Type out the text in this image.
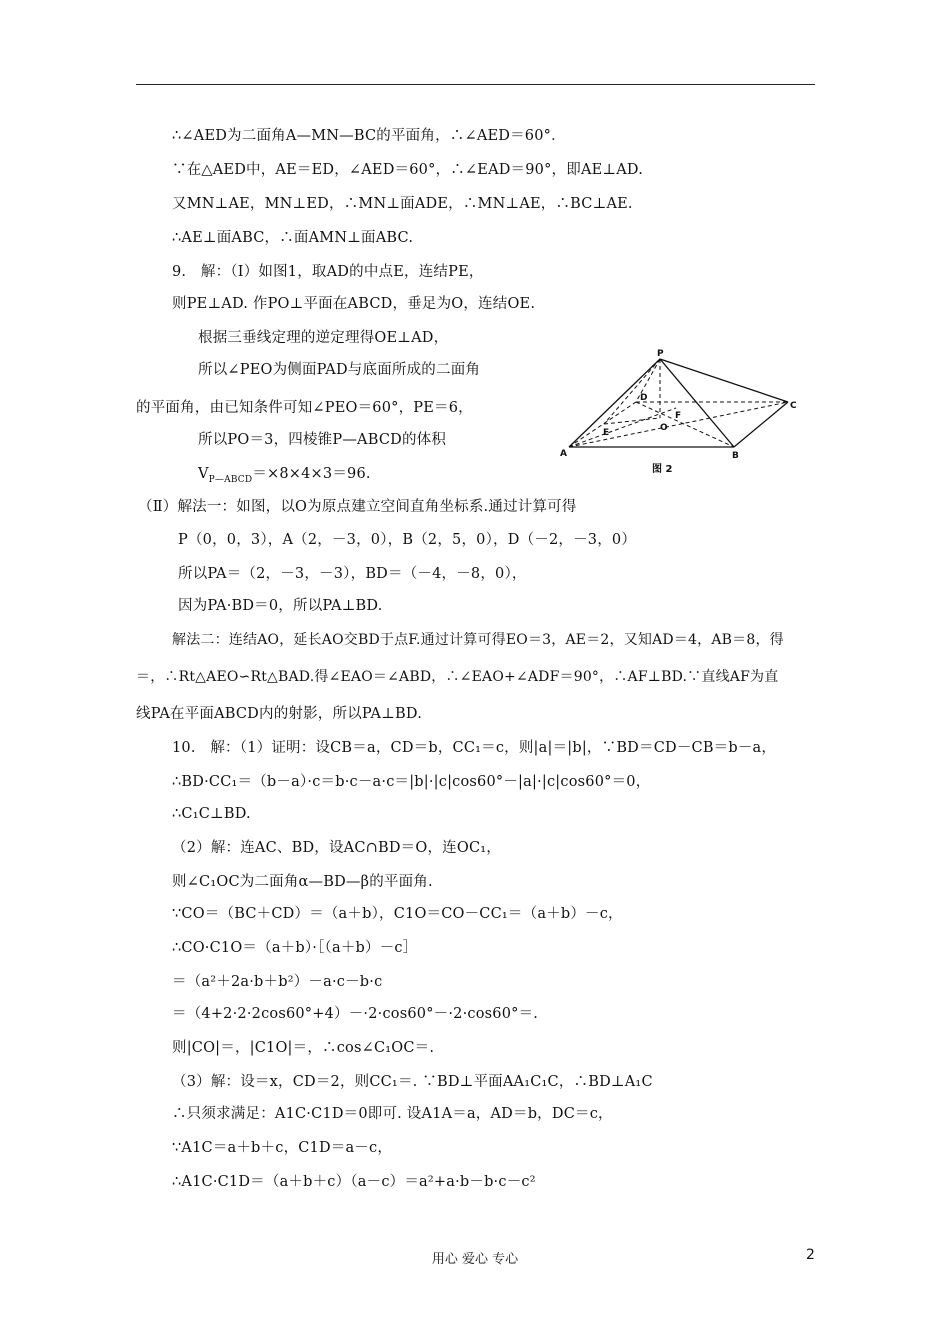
∴∠AED为二面角A—MN—BC的平面角，∴∠AED＝60°．
∵在△AED中，AE＝ED，∠AED＝60°，∴∠EAD＝90°，即AE⊥AD.
又MN⊥AE，MN⊥ED，∴MN⊥面ADE，∴MN⊥AE，∴BC⊥AE.
∴AE⊥面ABC，∴面AMN⊥面ABC.
9.　解：（Ⅰ）如图1，取AD的中点E，连结PE，
则PE⊥AD. 作PO⊥平面在ABCD，垂足为O，连结OE.
根据三垂线定理的逆定理得OE⊥AD，
所以∠PEO为侧面PAD与底面所成的二面角
的平面角，由已知条件可知∠PEO＝60°，PE＝6，
所以PO＝3，四棱锥P—ABCD的体积
$V_{P—ABCD}=\times 8\times 4\times 3=96$.
（Ⅱ）解法一：如图，以O为原点建立空间直角坐标系.通过计算可得
P（0，0，3），A（2，－3，0），B（2，5，0），D（－2，－3，0）
所以PA＝（2，－3，－3），BD＝（－4，－8，0），
因为PA·BD＝0，所以PA⊥BD.
解法二：连结AO，延长AO交BD于点F.通过计算可得EO＝3，AE＝2，又知AD＝4，AB＝8，得
＝，∴Rt△AEO∽Rt△BAD.得∠EAO＝∠ABD，∴∠EAO+∠ADF＝90°，∴AF⊥BD.∵直线AF为直
线PA在平面ABCD内的射影，所以PA⊥BD.
10.　解：（1）证明：设CB＝a，CD＝b，CC₁＝c，则|a|＝|b|，∵BD＝CD－CB＝b－a，
∴BD·CC₁＝（b－a）·c＝b·c－a·c＝|b|·|c|cos60°－|a|·|c|cos60°＝0，
∴C₁C⊥BD.
（2）解：连AC、BD，设AC∩BD＝O，连OC₁，
则∠C₁OC为二面角α—BD—β的平面角.
∵CO＝（BC＋CD）＝（a＋b），C1O＝CO－CC₁＝（a＋b）－c，
∴CO·C1O＝（a＋b）·［（a＋b）－c］
＝（a²＋2a·b＋b²）－a·c－b·c
＝（4+2·2·2cos60°+4）－·2·cos60°－·2·cos60°＝.
则|CO|＝，|C1O|＝，∴cos∠C₁OC＝.
（3）解：设＝x，CD＝2，则CC₁＝. ∵BD⊥平面AA₁C₁C，∴BD⊥A₁C
∴只须求满足：A1C·C1D＝0即可. 设A1A＝a，AD＝b，DC＝c，
∵A1C＝a＋b＋c，C1D＝a－c，
∴A1C·C1D＝（a＋b＋c）（a－c）＝a²+a·b－b·c－c²
P
A	B
C
D
E
F
O
图 2
用心 爱心 专心	2
